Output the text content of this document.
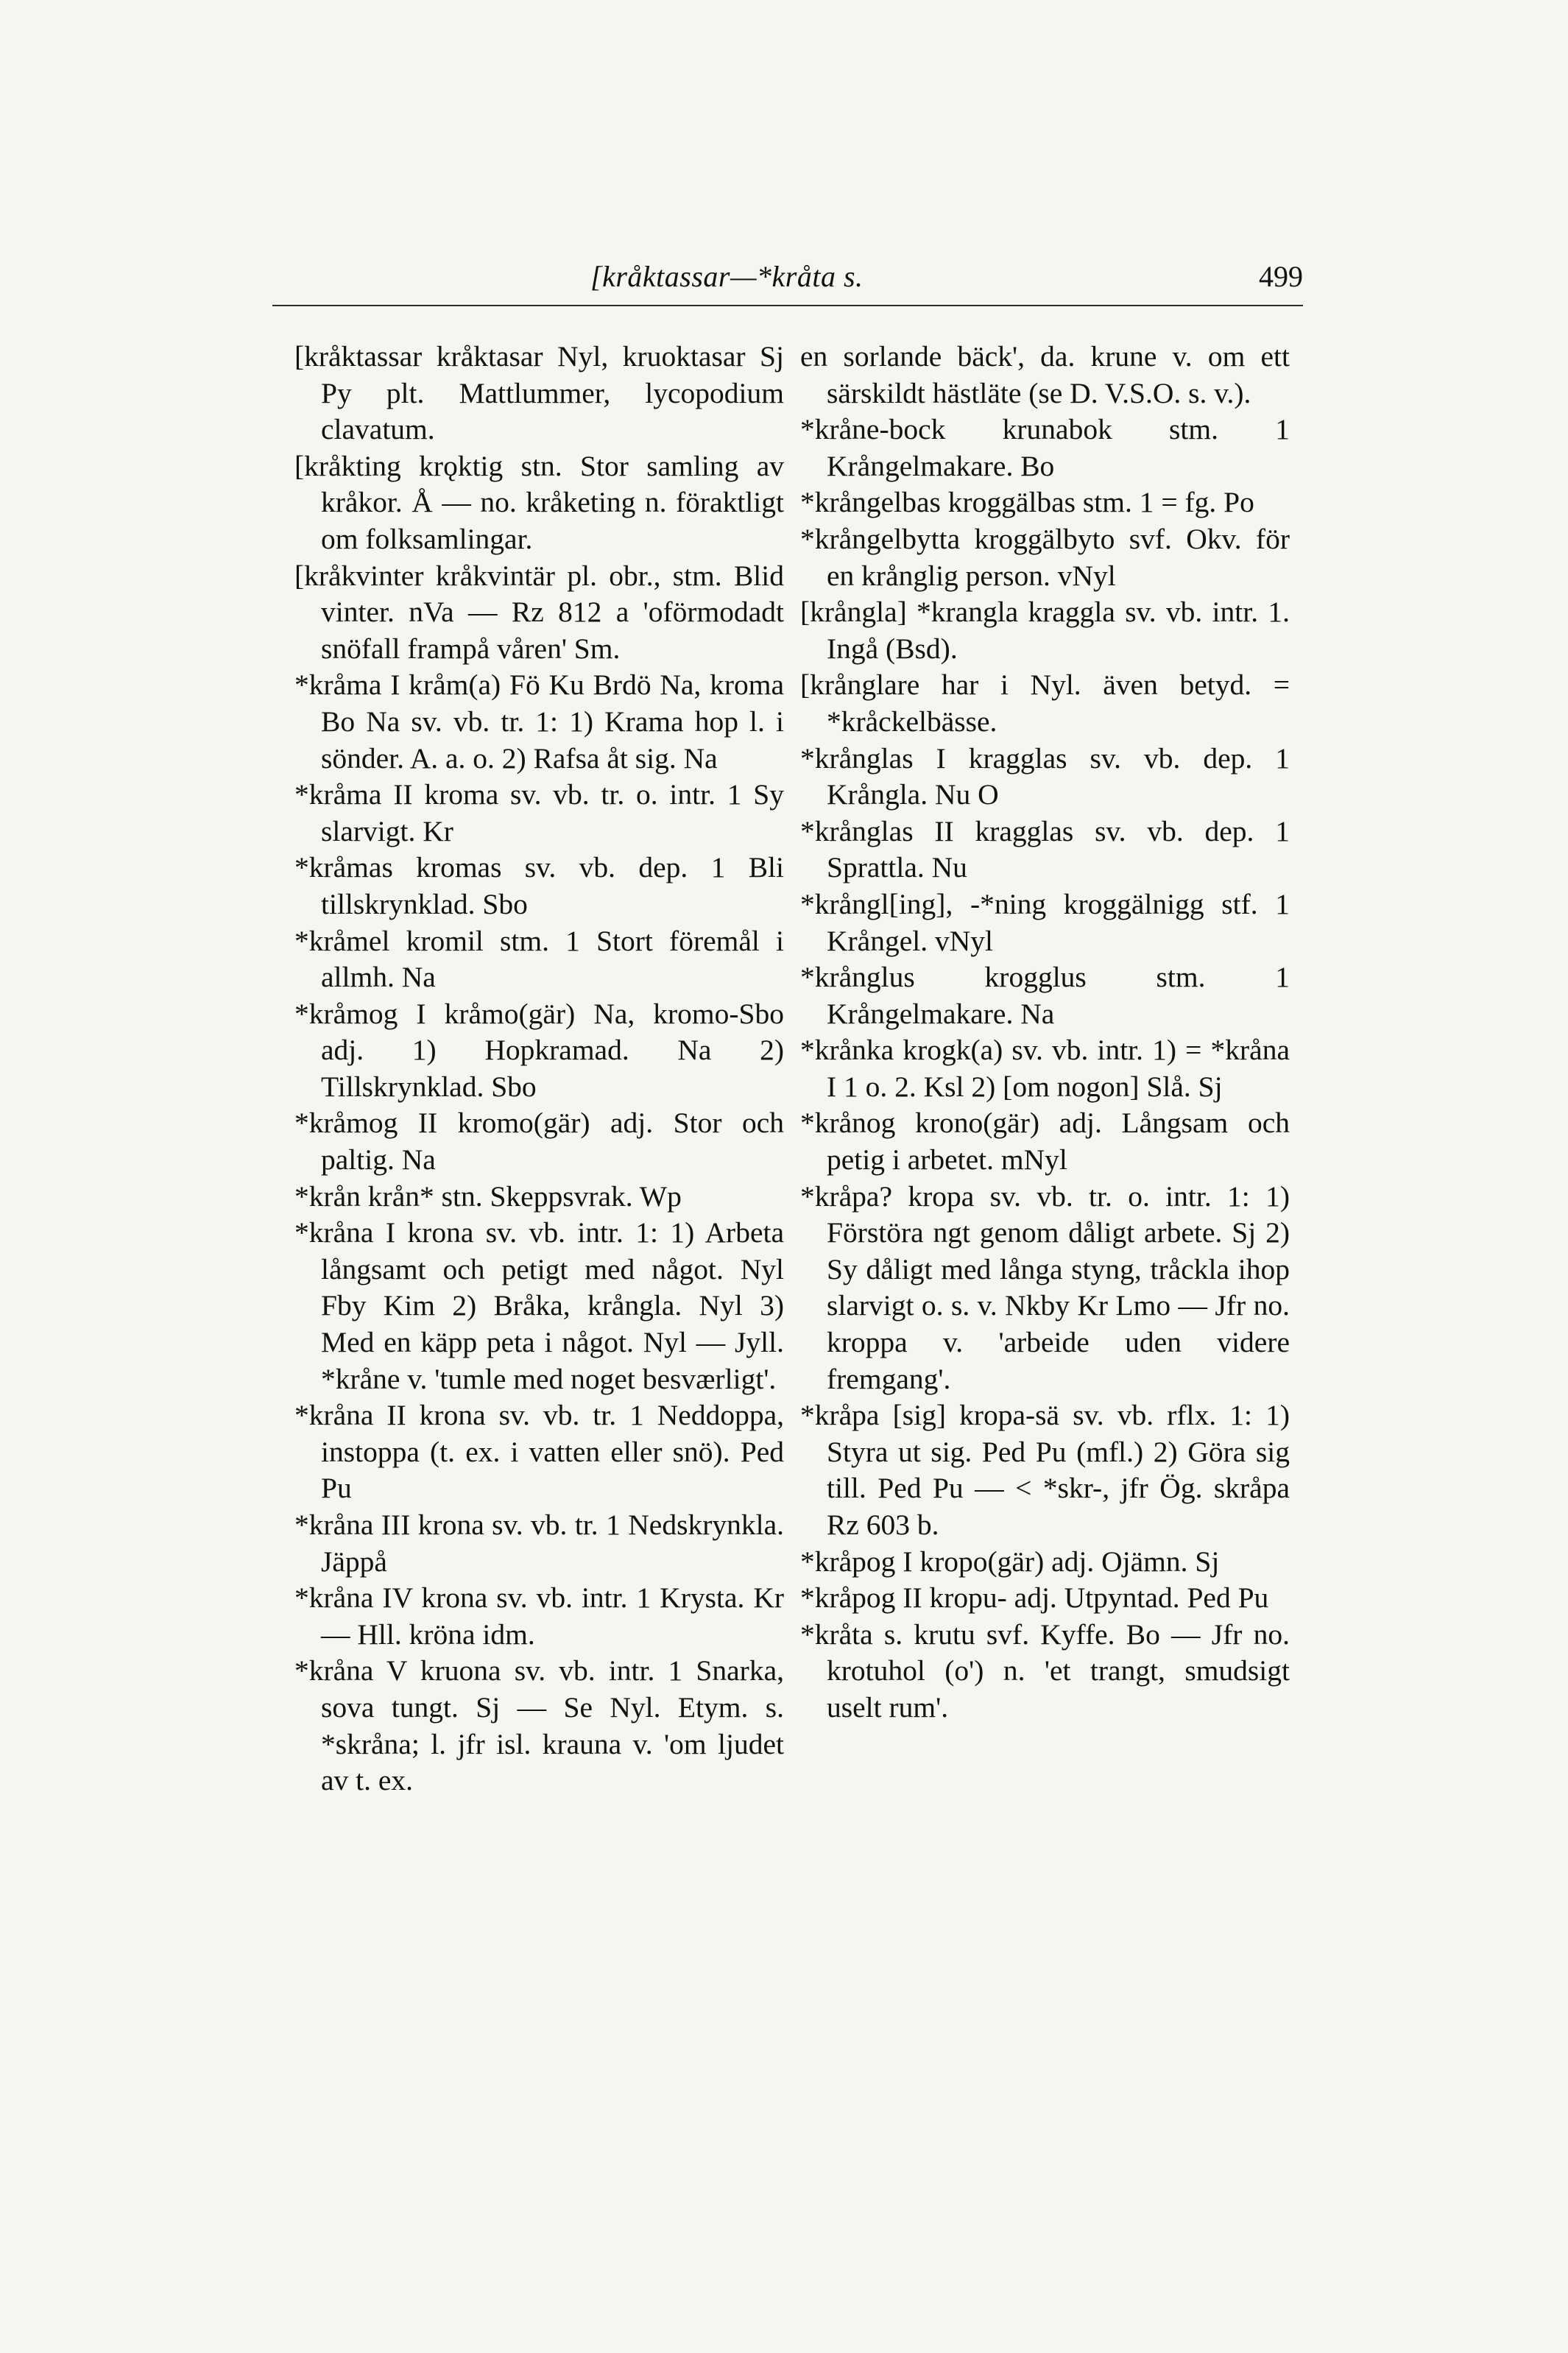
[kråktassar—*kråta s.	499

[kråktassar kråktasar Nyl, kruoktasar Sj Py plt. Mattlummer, lycopodium clavatum.

[kråkting krǫktig stn. Stor samling av kråkor. Å — no. kråketing n. föraktligt om folksamlingar.

[kråkvinter kråkvintär pl. obr., stm. Blid vinter. nVa — Rz 812 a 'oförmodadt snöfall frampå våren' Sm.

*kråma I kråm(a) Fö Ku Brdö Na, kroma Bo Na sv. vb. tr. 1: 1) Krama hop l. i sönder. A. a. o. 2) Rafsa åt sig. Na

*kråma II kroma sv. vb. tr. o. intr. 1 Sy slarvigt. Kr

*kråmas kromas sv. vb. dep. 1 Bli tillskrynklad. Sbo

*kråmel kromil stm. 1 Stort föremål i allmh. Na

*kråmog I kråmo(gär) Na, kromo-Sbo adj. 1) Hopkramad. Na 2) Tillskrynklad. Sbo

*kråmog II kromo(gär) adj. Stor och paltig. Na

*krån krån* stn. Skeppsvrak. Wp

*kråna I krona sv. vb. intr. 1: 1) Arbeta långsamt och petigt med något. Nyl Fby Kim 2) Bråka, krångla. Nyl 3) Med en käpp peta i något. Nyl — Jyll. *kråne v. 'tumle med noget besværligt'.

*kråna II krona sv. vb. tr. 1 Neddoppa, instoppa (t. ex. i vatten eller snö). Ped Pu

*kråna III krona sv. vb. tr. 1 Nedskrynkla. Jäppå

*kråna IV krona sv. vb. intr. 1 Krysta. Kr — Hll. kröna idm.

*kråna V kruona sv. vb. intr. 1 Snarka, sova tungt. Sj — Se Nyl. Etym. s. *skråna; l. jfr isl. krauna v. 'om ljudet av t. ex.

en sorlande bäck', da. krune v. om ett särskildt hästläte (se D. V.S.O. s. v.).

*kråne-bock krunabok stm. 1 Krångelmakare. Bo

*krångelbas kroggälbas stm. 1 = fg. Po

*krångelbytta kroggälbyto svf. Okv. för en krånglig person. vNyl

[krångla] *krangla kraggla sv. vb. intr. 1. Ingå (Bsd).

[krånglare har i Nyl. även betyd. = *kråckelbässe.

*krånglas I kragglas sv. vb. dep. 1 Krångla. Nu O

*krånglas II kragglas sv. vb. dep. 1 Sprattla. Nu

*krångl[ing], -*ning kroggälnigg stf. 1 Krångel. vNyl

*krånglus krogglus stm. 1 Krångelmakare. Na

*krånka krogk(a) sv. vb. intr. 1) = *kråna I 1 o. 2. Ksl 2) [om nogon] Slå. Sj

*krånog krono(gär) adj. Långsam och petig i arbetet. mNyl

*kråpa? kropa sv. vb. tr. o. intr. 1: 1) Förstöra ngt genom dåligt arbete. Sj 2) Sy dåligt med långa styng, tråckla ihop slarvigt o. s. v. Nkby Kr Lmo — Jfr no. kroppa v. 'arbeide uden videre fremgang'.

*kråpa [sig] kropa-sä sv. vb. rflx. 1: 1) Styra ut sig. Ped Pu (mfl.) 2) Göra sig till. Ped Pu — < *skr-, jfr Ög. skråpa Rz 603 b.

*kråpog I kropo(gär) adj. Ojämn. Sj

*kråpog II kropu- adj. Utpyntad. Ped Pu

*kråta s. krutu svf. Kyffe. Bo — Jfr no. krotuhol (o') n. 'et trangt, smudsigt uselt rum'.
